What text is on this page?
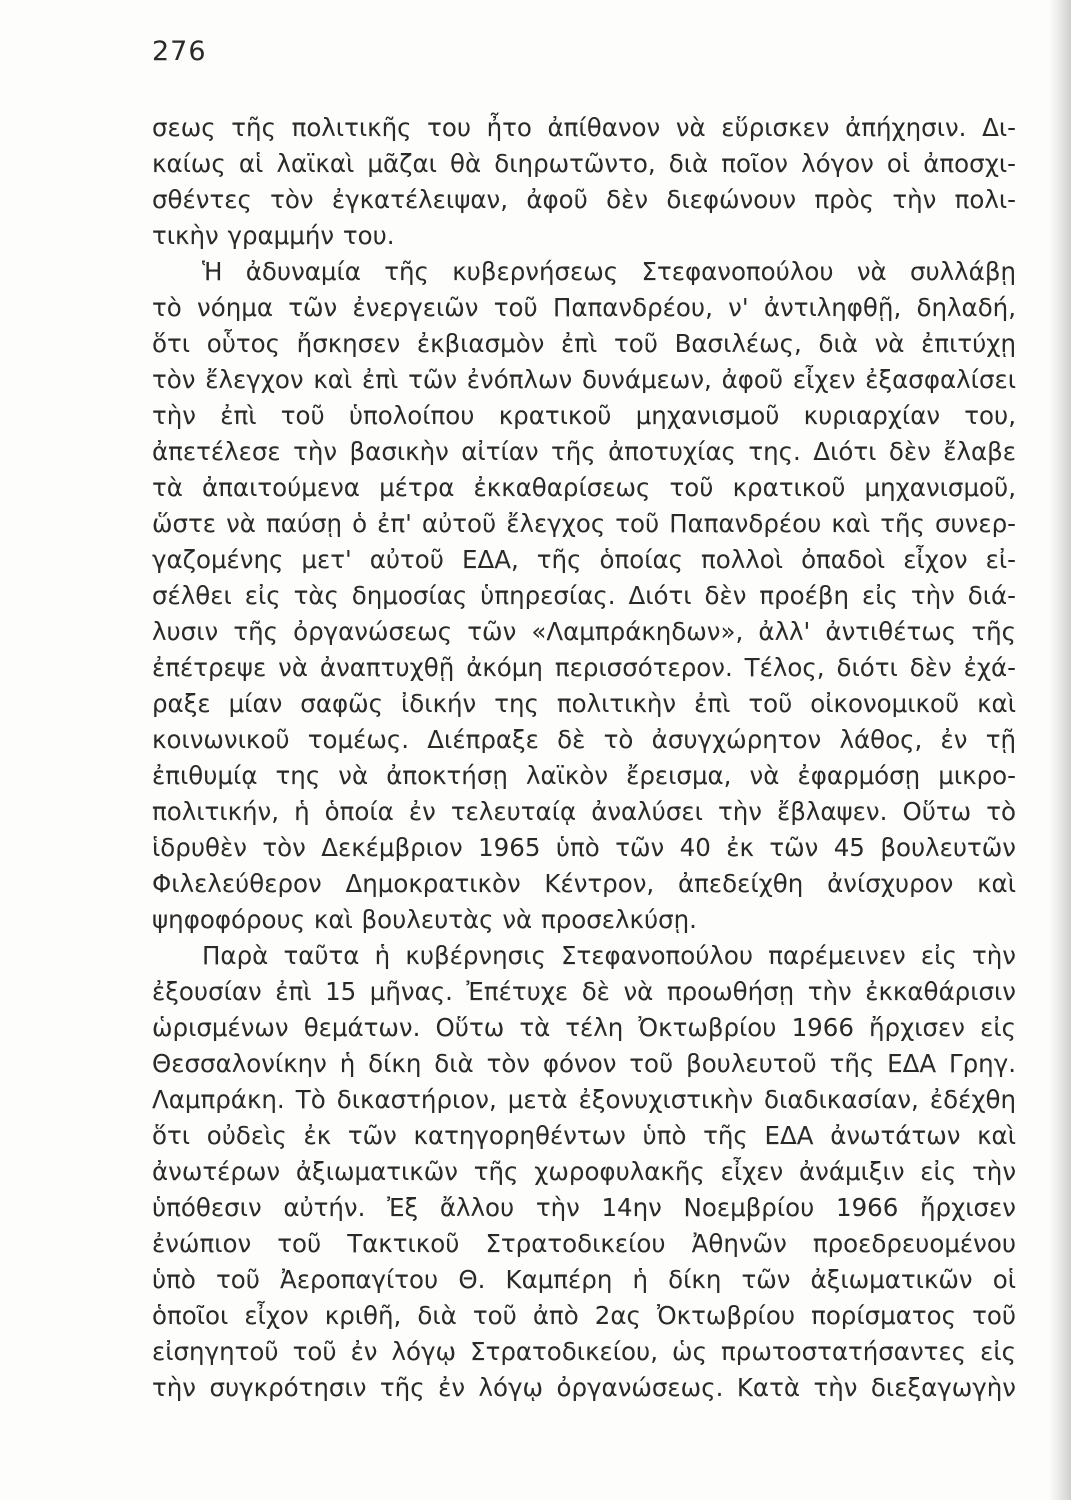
276
σεως τῆς πολιτικῆς του ἦτο ἀπίθανον νὰ εὕρισκεν ἀπήχησιν. Δι-
καίως αἱ λαϊκαὶ μᾶζαι θὰ διηρωτῶντο, διὰ ποῖον λόγον οἱ ἀποσχι-
σθέντες τὸν ἐγκατέλειψαν, ἀφοῦ δὲν διεφώνουν πρὸς τὴν πολι-
τικὴν γραμμήν του.
Ἡ ἀδυναμία τῆς κυβερνήσεως Στεφανοπούλου νὰ συλλάβῃ
τὸ νόημα τῶν ἐνεργειῶν τοῦ Παπανδρέου, ν' ἀντιληφθῇ, δηλαδή,
ὅτι οὗτος ἤσκησεν ἐκβιασμὸν ἐπὶ τοῦ Βασιλέως, διὰ νὰ ἐπιτύχῃ
τὸν ἔλεγχον καὶ ἐπὶ τῶν ἐνόπλων δυνάμεων, ἀφοῦ εἶχεν ἐξασφαλίσει
τὴν ἐπὶ τοῦ ὑπολοίπου κρατικοῦ μηχανισμοῦ κυριαρχίαν του,
ἀπετέλεσε τὴν βασικὴν αἰτίαν τῆς ἀποτυχίας της. Διότι δὲν ἔλαβε
τὰ ἀπαιτούμενα μέτρα ἐκκαθαρίσεως τοῦ κρατικοῦ μηχανισμοῦ,
ὥστε νὰ παύσῃ ὁ ἐπ' αὐτοῦ ἔλεγχος τοῦ Παπανδρέου καὶ τῆς συνερ-
γαζομένης μετ' αὐτοῦ ΕΔΑ, τῆς ὁποίας πολλοὶ ὀπαδοὶ εἶχον εἰ-
σέλθει εἰς τὰς δημοσίας ὑπηρεσίας. Διότι δὲν προέβη εἰς τὴν διά-
λυσιν τῆς ὀργανώσεως τῶν «Λαμπράκηδων», ἀλλ' ἀντιθέτως τῆς
ἐπέτρεψε νὰ ἀναπτυχθῇ ἀκόμη περισσότερον. Τέλος, διότι δὲν ἐχά-
ραξε μίαν σαφῶς ἰδικήν της πολιτικὴν ἐπὶ τοῦ οἰκονομικοῦ καὶ
κοινωνικοῦ τομέως. Διέπραξε δὲ τὸ ἀσυγχώρητον λάθος, ἐν τῇ
ἐπιθυμίᾳ της νὰ ἀποκτήσῃ λαϊκὸν ἔρεισμα, νὰ ἐφαρμόσῃ μικρο-
πολιτικήν, ἡ ὁποία ἐν τελευταίᾳ ἀναλύσει τὴν ἔβλαψεν. Οὕτω τὸ
ἱδρυθὲν τὸν Δεκέμβριον 1965 ὑπὸ τῶν 40 ἐκ τῶν 45 βουλευτῶν
Φιλελεύθερον Δημοκρατικὸν Κέντρον, ἀπεδείχθη ἀνίσχυρον καὶ
ψηφοφόρους καὶ βουλευτὰς νὰ προσελκύσῃ.
Παρὰ ταῦτα ἡ κυβέρνησις Στεφανοπούλου παρέμεινεν εἰς τὴν
ἐξουσίαν ἐπὶ 15 μῆνας. Ἐπέτυχε δὲ νὰ προωθήσῃ τὴν ἐκκαθάρισιν
ὡρισμένων θεμάτων. Οὕτω τὰ τέλη Ὀκτωβρίου 1966 ἤρχισεν εἰς
Θεσσαλονίκην ἡ δίκη διὰ τὸν φόνον τοῦ βουλευτοῦ τῆς ΕΔΑ Γρηγ.
Λαμπράκη. Τὸ δικαστήριον, μετὰ ἐξονυχιστικὴν διαδικασίαν, ἐδέχθη
ὅτι οὐδεὶς ἐκ τῶν κατηγορηθέντων ὑπὸ τῆς ΕΔΑ ἀνωτάτων καὶ
ἀνωτέρων ἀξιωματικῶν τῆς χωροφυλακῆς εἶχεν ἀνάμιξιν εἰς τὴν
ὑπόθεσιν αὐτήν. Ἐξ ἄλλου τὴν 14ην Νοεμβρίου 1966 ἤρχισεν
ἐνώπιον τοῦ Τακτικοῦ Στρατοδικείου Ἀθηνῶν προεδρευομένου
ὑπὸ τοῦ Ἀεροπαγίτου Θ. Καμπέρη ἡ δίκη τῶν ἀξιωματικῶν οἱ
ὁποῖοι εἶχον κριθῆ, διὰ τοῦ ἀπὸ 2ας Ὀκτωβρίου πορίσματος τοῦ
εἰσηγητοῦ τοῦ ἐν λόγῳ Στρατοδικείου, ὡς πρωτοστατήσαντες εἰς
τὴν συγκρότησιν τῆς ἐν λόγῳ ὀργανώσεως. Κατὰ τὴν διεξαγωγὴν
